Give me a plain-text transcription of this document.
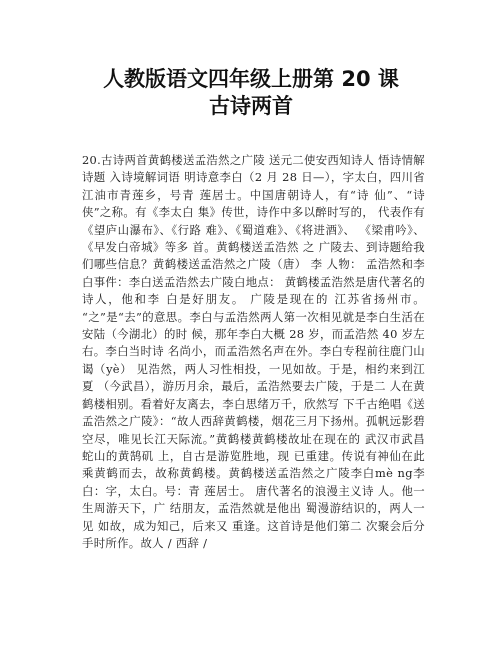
人教版语文四年级上册第 20 课
古诗两首

20.古诗两首黄鹤楼送孟浩然之广陵 送元二使安西知诗人 悟诗情解诗题 入诗境解词语 明诗意李白（2 月 28 日—），字太白，四川省江油市青莲乡，号青 莲居士。中国唐朝诗人，有“诗 仙”、“诗侠”之称。有《李太白 集》传世，诗作中多以醉时写的， 代表作有《望庐山瀑布》、《行路 难》、《蜀道难》、《将进酒》、 《梁甫吟》、《早发白帝城》等多 首。黄鹤楼送孟浩然 之 广陵去、到诗题给我们哪些信息？黄鹤楼送孟浩然之广陵（唐） 李 人物： 孟浩然和李白事件：李白送孟浩然去广陵白地点： 黄鹤楼孟浩然是唐代著名的 诗人，他和李 白是好朋友。 广陵是现在的 江苏省扬州市。 “之”是“去”的意思。李白与孟浩然两人第一次相见就是李白生活在安陆（今湖北）的时 候，那年李白大概 28 岁，而孟浩然 40 岁左右。李白当时诗 名尚小，而孟浩然名声在外。李白专程前往鹿门山谒（yè） 见浩然，两人习性相投，一见如故。于是，相约来到江夏 （今武昌），游历月余，最后，孟浩然要去广陵，于是二 人在黄鹤楼相别。看着好友离去，李白思绪万千，欣然写 下千古绝唱《送孟浩然之广陵》：“故人西辞黄鹤楼，烟花三月下扬州。孤帆远影碧空尽，唯见长江天际流。”黄鹤楼黄鹤楼故址在现在的 武汉市武昌蛇山的黄鹄矶 上，自古是游览胜地，现 已重建。传说有神仙在此 乘黄鹤而去，故称黄鹤楼。黄鹤楼送孟浩然之广陵李白mè ng李白：字，太白。号：青 莲居士。 唐代著名的浪漫主义诗 人。他一生周游天下，广 结朋友，孟浩然就是他出 蜀漫游结识的，两人一见 如故，成为知己，后来又 重逢。这首诗是他们第二 次聚会后分手时所作。故人 / 西辞 /
